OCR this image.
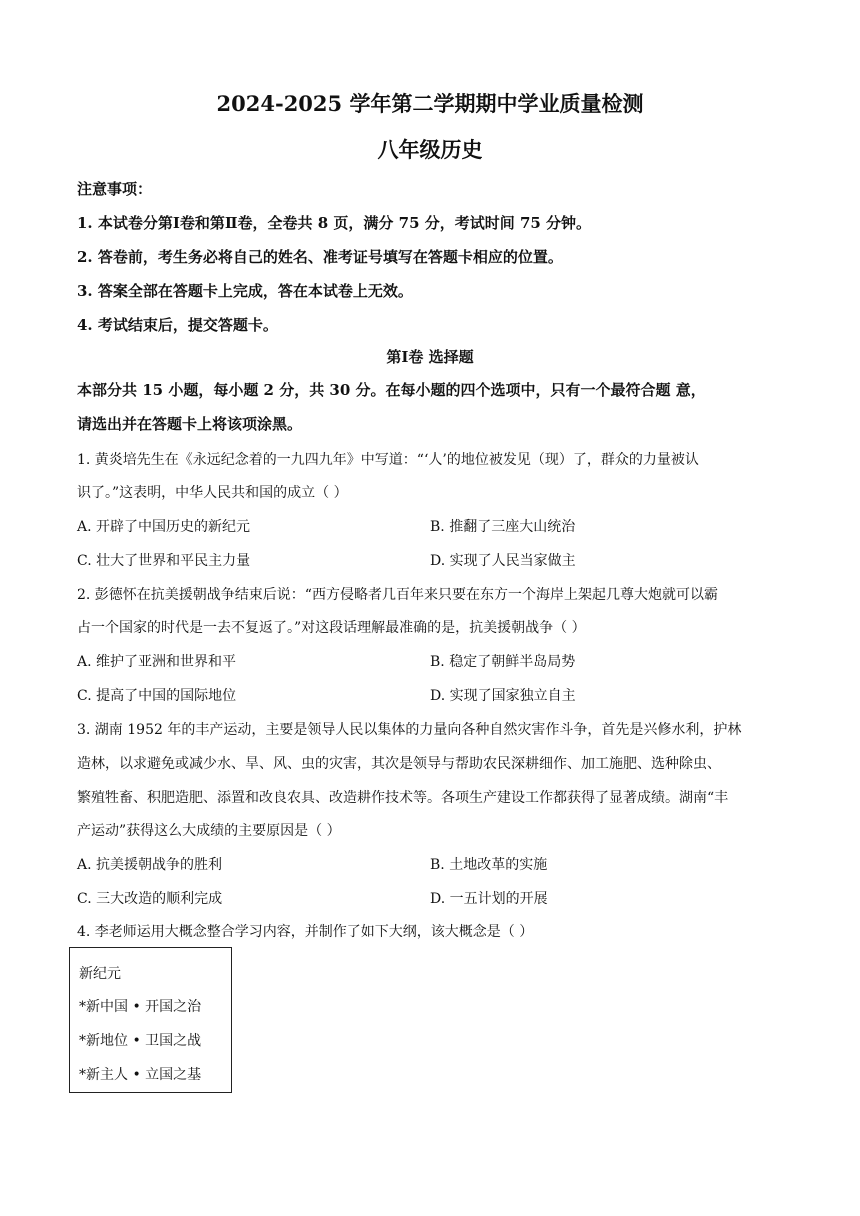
2024-2025 学年第二学期期中学业质量检测
八年级历史
注意事项：
1. 本试卷分第Ⅰ卷和第Ⅱ卷，全卷共 8 页，满分 75 分，考试时间 75 分钟。
2. 答卷前，考生务必将自己的姓名、准考证号填写在答题卡相应的位置。
3. 答案全部在答题卡上完成，答在本试卷上无效。
4. 考试结束后，提交答题卡。
第Ⅰ卷 选择题
本部分共 15 小题，每小题 2 分，共 30 分。在每小题的四个选项中，只有一个最符合题 意，
请选出并在答题卡上将该项涂黑。
1. 黄炎培先生在《永远纪念着的一九四九年》中写道：“‘人’的地位被发见（现）了，群众的力量被认
识了。”这表明，中华人民共和国的成立（ ）
A. 开辟了中国历史的新纪元	B. 推翻了三座大山统治
C. 壮大了世界和平民主力量	D. 实现了人民当家做主
2. 彭德怀在抗美援朝战争结束后说：“西方侵略者几百年来只要在东方一个海岸上架起几尊大炮就可以霸
占一个国家的时代是一去不复返了。”对这段话理解最准确的是，抗美援朝战争（ ）
A. 维护了亚洲和世界和平	B. 稳定了朝鲜半岛局势
C. 提高了中国的国际地位	D. 实现了国家独立自主
3. 湖南 1952 年的丰产运动，主要是领导人民以集体的力量向各种自然灾害作斗争，首先是兴修水利，护林
造林，以求避免或减少水、旱、风、虫的灾害，其次是领导与帮助农民深耕细作、加工施肥、选种除虫、
繁殖牲畜、积肥造肥、添置和改良农具、改造耕作技术等。各项生产建设工作都获得了显著成绩。湖南“丰
产运动”获得这么大成绩的主要原因是（ ）
A. 抗美援朝战争的胜利	B. 土地改革的实施
C. 三大改造的顺利完成	D. 一五计划的开展
4. 李老师运用大概念整合学习内容，并制作了如下大纲，该大概念是（ ）
新纪元
*新中国 • 开国之治
*新地位 • 卫国之战
*新主人 • 立国之基
